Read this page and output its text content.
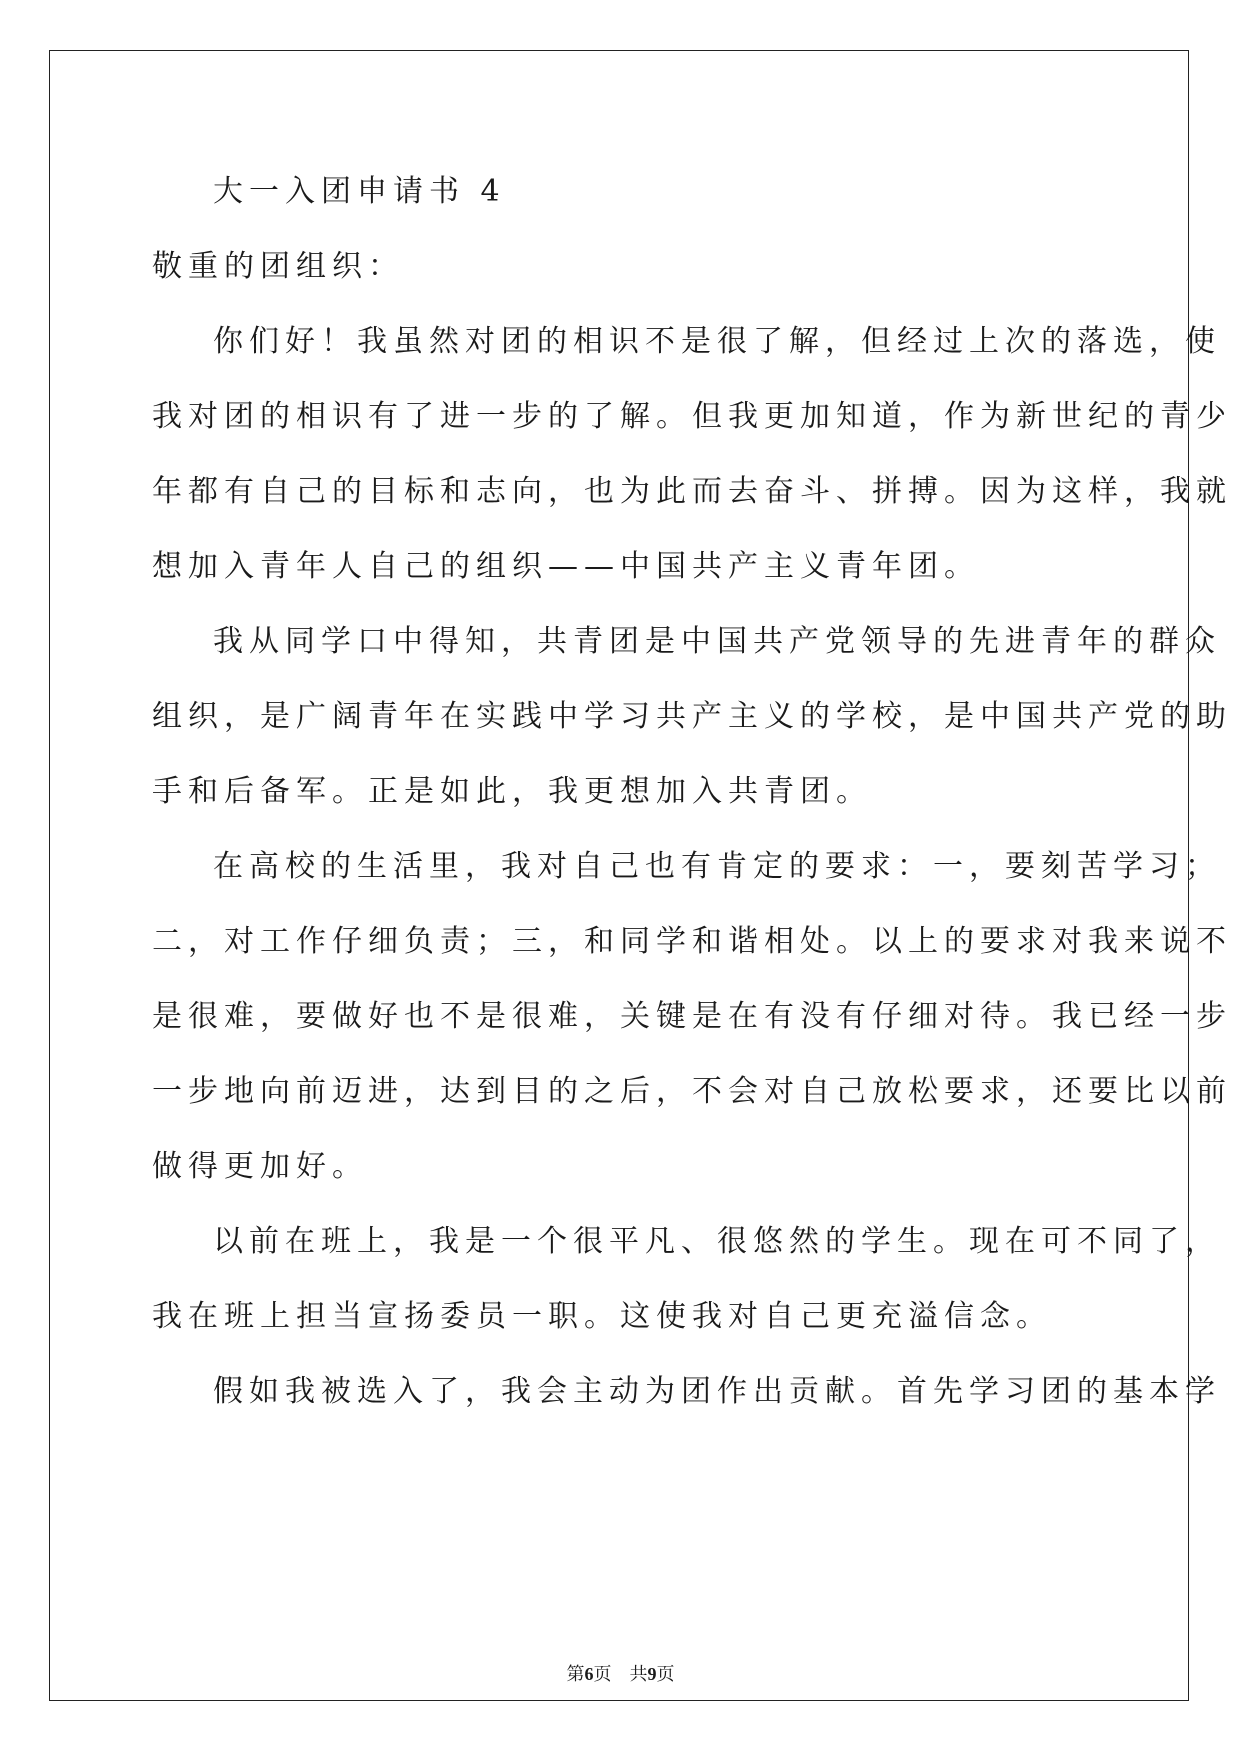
大一入团申请书 4
敬重的团组织：
你们好！我虽然对团的相识不是很了解，但经过上次的落选，使
我对团的相识有了进一步的了解。但我更加知道，作为新世纪的青少
年都有自己的目标和志向，也为此而去奋斗、拼搏。因为这样，我就
想加入青年人自己的组织——中国共产主义青年团。
我从同学口中得知，共青团是中国共产党领导的先进青年的群众
组织，是广阔青年在实践中学习共产主义的学校，是中国共产党的助
手和后备军。正是如此，我更想加入共青团。
在高校的生活里，我对自己也有肯定的要求：一，要刻苦学习；
二，对工作仔细负责；三，和同学和谐相处。以上的要求对我来说不
是很难，要做好也不是很难，关键是在有没有仔细对待。我已经一步
一步地向前迈进，达到目的之后，不会对自己放松要求，还要比以前
做得更加好。
以前在班上，我是一个很平凡、很悠然的学生。现在可不同了，
我在班上担当宣扬委员一职。这使我对自己更充溢信念。
假如我被选入了，我会主动为团作出贡献。首先学习团的基本学
第6页　共9页
